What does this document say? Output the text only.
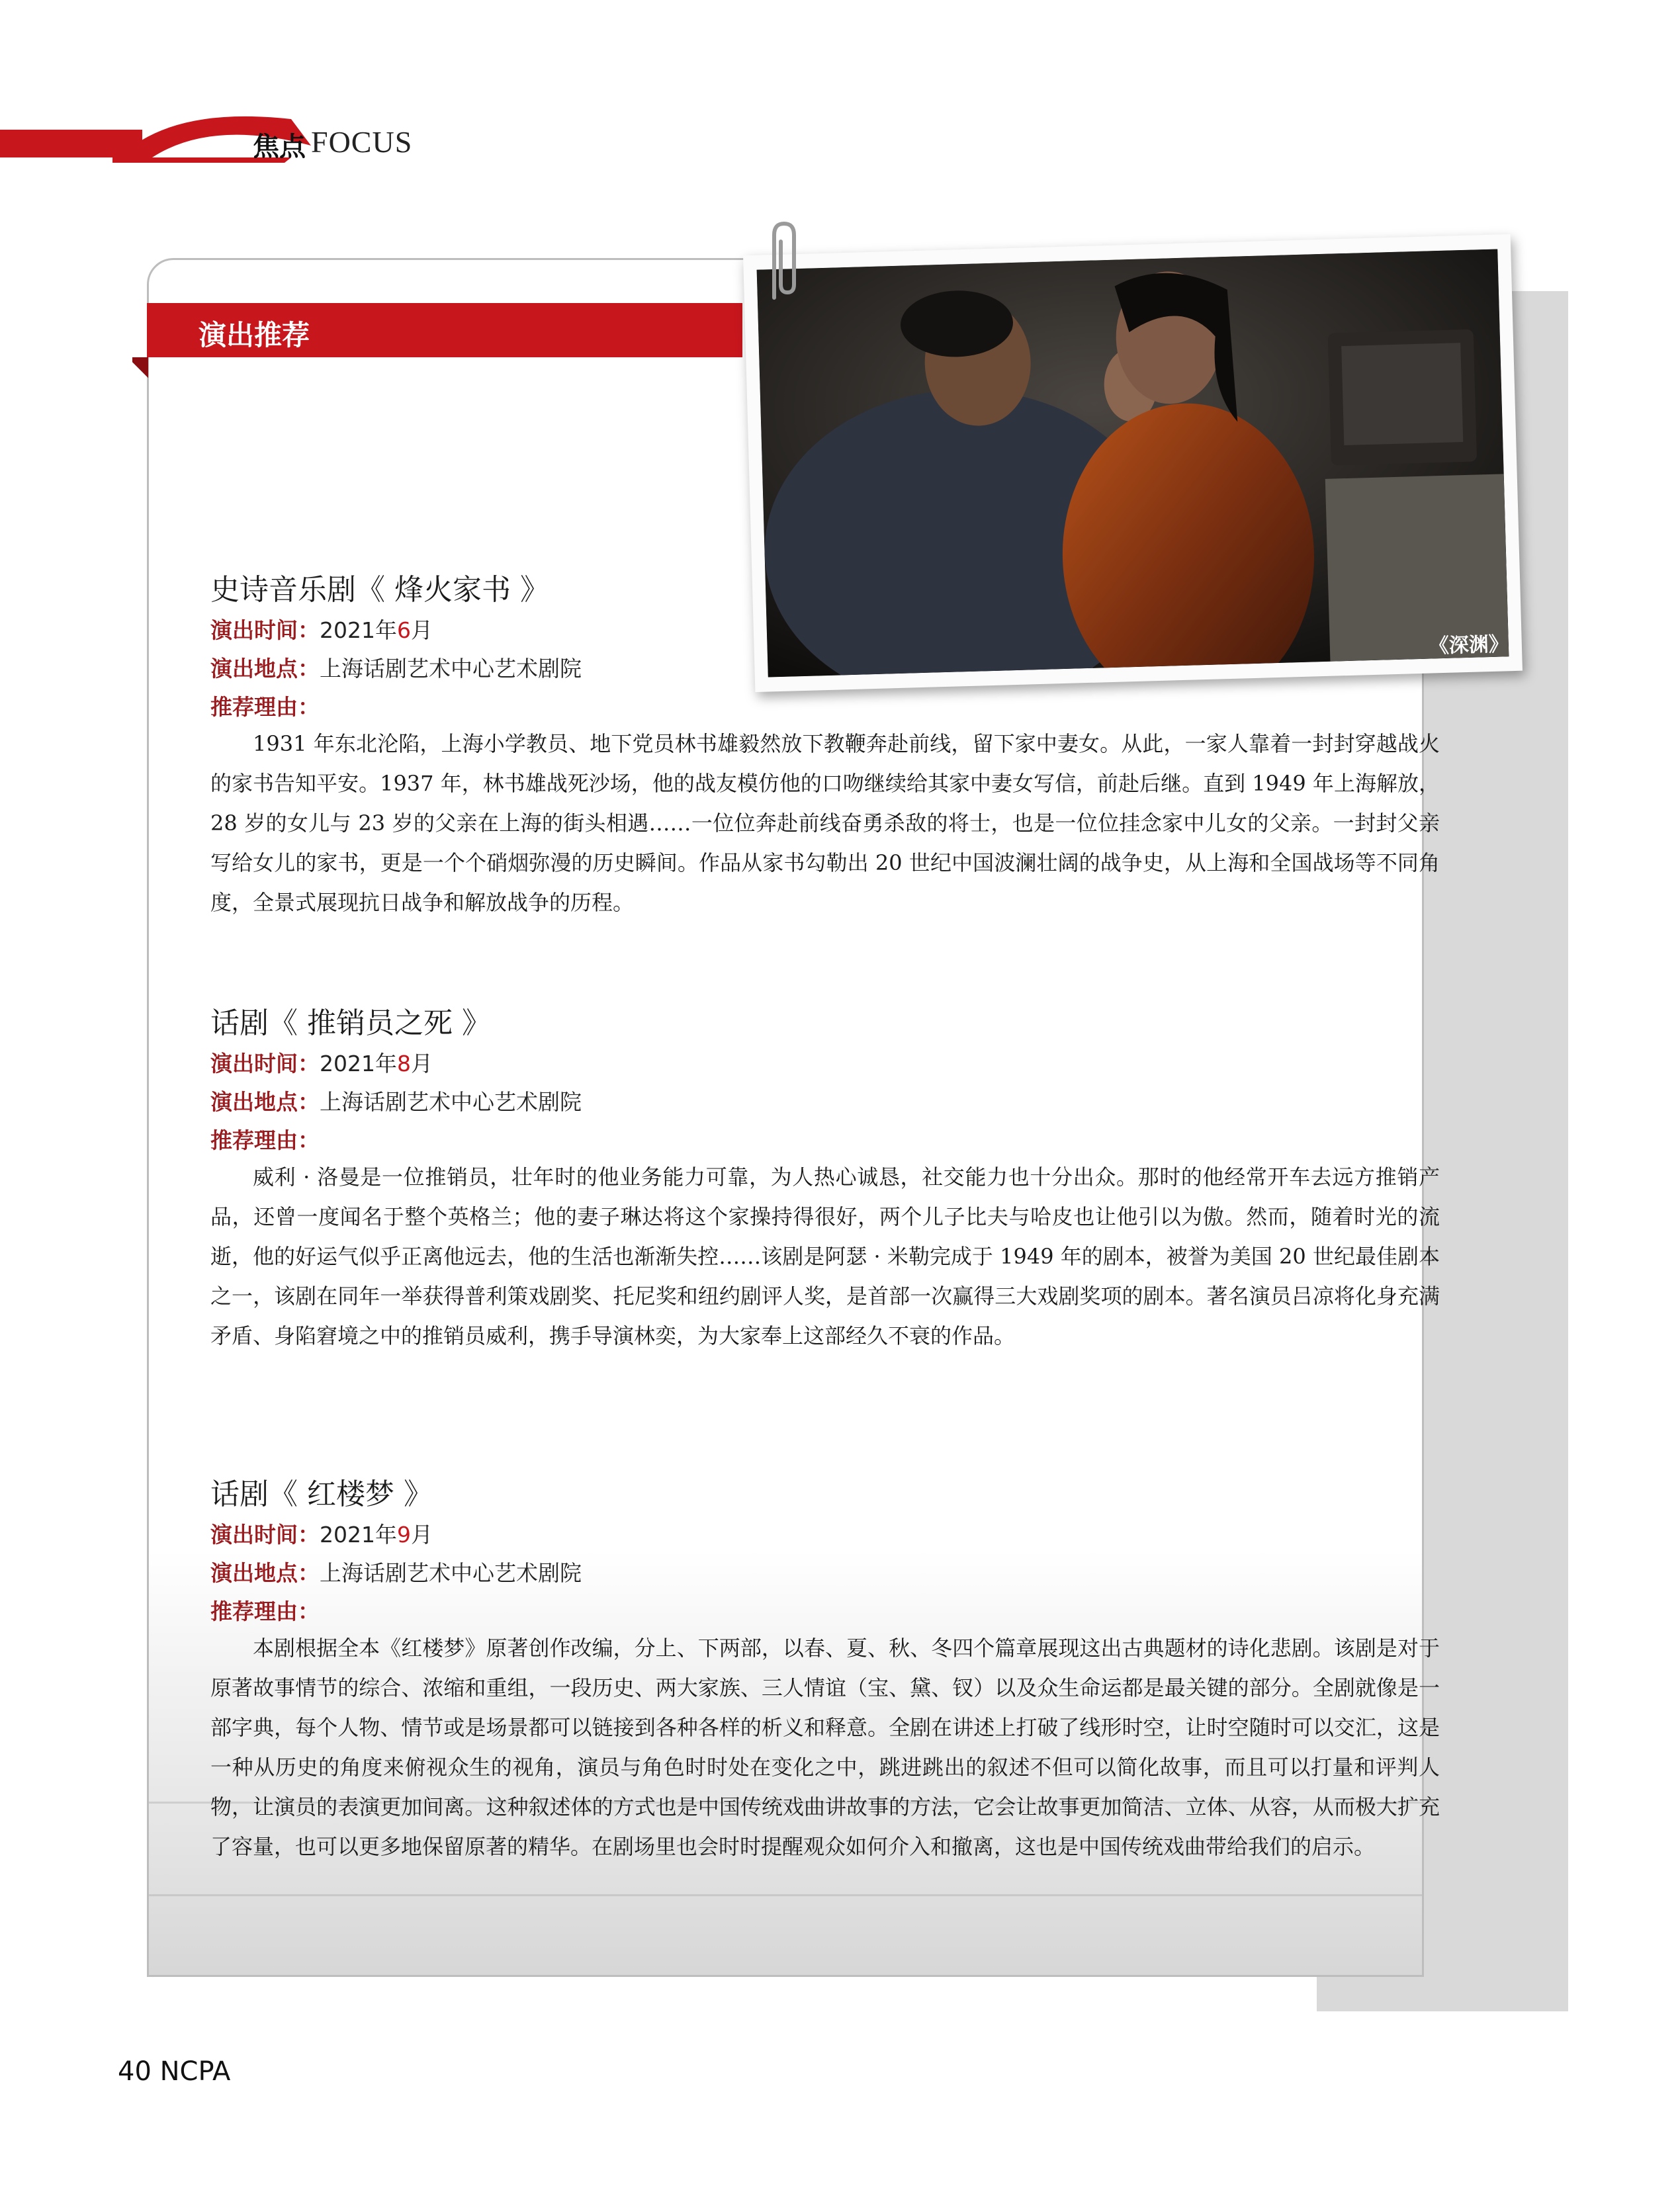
焦点 FOCUS
演出推荐
《深渊》
史诗音乐剧《 烽火家书 》
演出时间：2021年6月
演出地点：上海话剧艺术中心艺术剧院
推荐理由：
1931 年东北沦陷，上海小学教员、地下党员林书雄毅然放下教鞭奔赴前线，留下家中妻女。从此，一家人靠着一封封穿越战火的家书告知平安。1937 年，林书雄战死沙场，他的战友模仿他的口吻继续给其家中妻女写信，前赴后继。直到 1949 年上海解放，28 岁的女儿与 23 岁的父亲在上海的街头相遇……一位位奔赴前线奋勇杀敌的将士，也是一位位挂念家中儿女的父亲。一封封父亲写给女儿的家书，更是一个个硝烟弥漫的历史瞬间。作品从家书勾勒出 20 世纪中国波澜壮阔的战争史，从上海和全国战场等不同角度，全景式展现抗日战争和解放战争的历程。
话剧《 推销员之死 》
演出时间：2021年8月
演出地点：上海话剧艺术中心艺术剧院
推荐理由：
威利 · 洛曼是一位推销员，壮年时的他业务能力可靠，为人热心诚恳，社交能力也十分出众。那时的他经常开车去远方推销产品，还曾一度闻名于整个英格兰；他的妻子琳达将这个家操持得很好，两个儿子比夫与哈皮也让他引以为傲。然而，随着时光的流逝，他的好运气似乎正离他远去，他的生活也渐渐失控……该剧是阿瑟 · 米勒完成于 1949 年的剧本，被誉为美国 20 世纪最佳剧本之一，该剧在同年一举获得普利策戏剧奖、托尼奖和纽约剧评人奖，是首部一次赢得三大戏剧奖项的剧本。著名演员吕凉将化身充满矛盾、身陷窘境之中的推销员威利，携手导演林奕，为大家奉上这部经久不衰的作品。
话剧《 红楼梦 》
演出时间：2021年9月
演出地点：上海话剧艺术中心艺术剧院
推荐理由：
本剧根据全本《红楼梦》原著创作改编，分上、下两部，以春、夏、秋、冬四个篇章展现这出古典题材的诗化悲剧。该剧是对于原著故事情节的综合、浓缩和重组，一段历史、两大家族、三人情谊（宝、黛、钗）以及众生命运都是最关键的部分。全剧就像是一部字典，每个人物、情节或是场景都可以链接到各种各样的析义和释意。全剧在讲述上打破了线形时空，让时空随时可以交汇，这是一种从历史的角度来俯视众生的视角，演员与角色时时处在变化之中，跳进跳出的叙述不但可以简化故事，而且可以打量和评判人物，让演员的表演更加间离。这种叙述体的方式也是中国传统戏曲讲故事的方法，它会让故事更加简洁、立体、从容，从而极大扩充了容量，也可以更多地保留原著的精华。在剧场里也会时时提醒观众如何介入和撤离，这也是中国传统戏曲带给我们的启示。
40 NCPA
